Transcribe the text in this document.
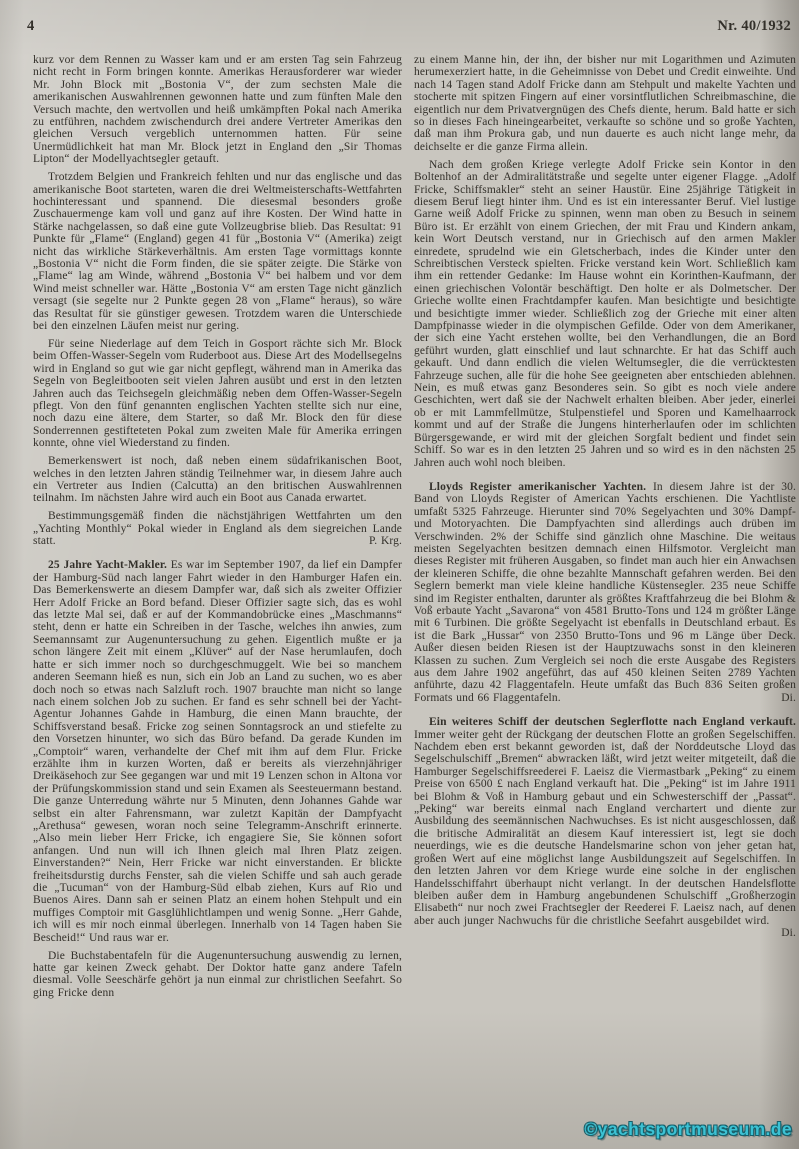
4	Nr. 40/1932

kurz vor dem Rennen zu Wasser kam und er am ersten Tag sein Fahrzeug nicht recht in Form bringen konnte. Amerikas Herausforderer war wieder Mr. John Block mit „Bostonia V“, der zum sechsten Male die amerikanischen Auswahlrennen gewonnen hatte und zum fünften Male den Versuch machte, den wertvollen und heiß umkämpften Pokal nach Amerika zu entführen, nachdem zwischendurch drei andere Vertreter Amerikas den gleichen Versuch vergeblich unternommen hatten. Für seine Unermüdlichkeit hat man Mr. Block jetzt in England den „Sir Thomas Lipton“ der Modellyachtsegler getauft.

Trotzdem Belgien und Frankreich fehlten und nur das englische und das amerikanische Boot starteten, waren die drei Weltmeisterschafts-Wettfahrten hochinteressant und spannend. Die diesesmal besonders große Zuschauermenge kam voll und ganz auf ihre Kosten. Der Wind hatte in Stärke nachgelassen, so daß eine gute Vollzeugbrise blieb. Das Resultat: 91 Punkte für „Flame“ (England) gegen 41 für „Bostonia V“ (Amerika) zeigt nicht das wirkliche Stärkeverhältnis. Am ersten Tage vormittags konnte „Bostonia V“ nicht die Form finden, die sie später zeigte. Die Stärke von „Flame“ lag am Winde, während „Bostonia V“ bei halbem und vor dem Wind meist schneller war. Hätte „Bostonia V“ am ersten Tage nicht gänzlich versagt (sie segelte nur 2 Punkte gegen 28 von „Flame“ heraus), so wäre das Resultat für sie günstiger gewesen. Trotzdem waren die Unterschiede bei den einzelnen Läufen meist nur gering.

Für seine Niederlage auf dem Teich in Gosport rächte sich Mr. Block beim Offen-Wasser-Segeln vom Ruderboot aus. Diese Art des Modellsegelns wird in England so gut wie gar nicht gepflegt, während man in Amerika das Segeln von Begleitbooten seit vielen Jahren ausübt und erst in den letzten Jahren auch das Teichsegeln gleichmäßig neben dem Offen-Wasser-Segeln pflegt. Von den fünf genannten englischen Yachten stellte sich nur eine, noch dazu eine ältere, dem Starter, so daß Mr. Block den für diese Sonderrennen gestifteteten Pokal zum zweiten Male für Amerika erringen konnte, ohne viel Wiederstand zu finden.

Bemerkenswert ist noch, daß neben einem südafrikanischen Boot, welches in den letzten Jahren ständig Teilnehmer war, in diesem Jahre auch ein Vertreter aus Indien (Calcutta) an den britischen Auswahlrennen teilnahm. Im nächsten Jahre wird auch ein Boot aus Canada erwartet.

Bestimmungsgemäß finden die nächstjährigen Wettfahrten um den „Yachting Monthly“ Pokal wieder in England als dem siegreichen Lande statt.	P. Krg.

25 Jahre Yacht-Makler. Es war im September 1907, da lief ein Dampfer der Hamburg-Süd nach langer Fahrt wieder in den Hamburger Hafen ein. Das Bemerkenswerte an diesem Dampfer war, daß sich als zweiter Offizier Herr Adolf Fricke an Bord befand. Dieser Offizier sagte sich, das es wohl das letzte Mal sei, daß er auf der Kommandobrücke eines „Maschmanns“ steht, denn er hatte ein Schreiben in der Tasche, welches ihn anwies, zum Seemannsamt zur Augenuntersuchung zu gehen. Eigentlich mußte er ja schon längere Zeit mit einem „Klüver“ auf der Nase herumlaufen, doch hatte er sich immer noch so durchgeschmuggelt. Wie bei so manchem anderen Seemann hieß es nun, sich ein Job an Land zu suchen, wo es aber doch noch so etwas nach Salzluft roch. 1907 brauchte man nicht so lange nach einem solchen Job zu suchen. Er fand es sehr schnell bei der Yacht-Agentur Johannes Gahde in Hamburg, die einen Mann brauchte, der Schiffsverstand besaß. Fricke zog seinen Sonntagsrock an und stiefelte zu den Vorsetzen hinunter, wo sich das Büro befand. Da gerade Kunden im „Comptoir“ waren, verhandelte der Chef mit ihm auf dem Flur. Fricke erzählte ihm in kurzen Worten, daß er bereits als vierzehnjähriger Dreikäsehoch zur See gegangen war und mit 19 Lenzen schon in Altona vor der Prüfungskommission stand und sein Examen als Seesteuermann bestand. Die ganze Unterredung währte nur 5 Minuten, denn Johannes Gahde war selbst ein alter Fahrensmann, war zuletzt Kapitän der Dampfyacht „Arethusa“ gewesen, woran noch seine Telegramm-Anschrift erinnerte. „Also mein lieber Herr Fricke, ich engagiere Sie, Sie können sofort anfangen. Und nun will ich Ihnen gleich mal Ihren Platz zeigen. Einverstanden?“ Nein, Herr Fricke war nicht einverstanden. Er blickte freiheitsdurstig durchs Fenster, sah die vielen Schiffe und sah auch gerade die „Tucuman“ von der Hamburg-Süd elbab ziehen, Kurs auf Rio und Buenos Aires. Dann sah er seinen Platz an einem hohen Stehpult und ein muffiges Comptoir mit Gasglühlichtlampen und wenig Sonne. „Herr Gahde, ich will es mir noch einmal überlegen. Innerhalb von 14 Tagen haben Sie Bescheid!“ Und raus war er.

Die Buchstabentafeln für die Augenuntersuchung auswendig zu lernen, hatte gar keinen Zweck gehabt. Der Doktor hatte ganz andere Tafeln diesmal. Volle Seeschärfe gehört ja nun einmal zur christlichen Seefahrt. So ging Fricke denn

zu einem Manne hin, der ihn, der bisher nur mit Logarithmen und Azimuten herumexerziert hatte, in die Geheimnisse von Debet und Credit einweihte. Und nach 14 Tagen stand Adolf Fricke dann am Stehpult und makelte Yachten und stocherte mit spitzen Fingern auf einer vorsintflutlichen Schreibmaschine, die eigentlich nur dem Privatvergnügen des Chefs diente, herum. Bald hatte er sich so in dieses Fach hineingearbeitet, verkaufte so schöne und so große Yachten, daß man ihm Prokura gab, und nun dauerte es auch nicht lange mehr, da deichselte er die ganze Firma allein.

Nach dem großen Kriege verlegte Adolf Fricke sein Kontor in den Boltenhof an der Admiralitätstraße und segelte unter eigener Flagge. „Adolf Fricke, Schiffsmakler“ steht an seiner Haustür. Eine 25jährige Tätigkeit in diesem Beruf liegt hinter ihm. Und es ist ein interessanter Beruf. Viel lustige Garne weiß Adolf Fricke zu spinnen, wenn man oben zu Besuch in seinem Büro ist. Er erzählt von einem Griechen, der mit Frau und Kindern ankam, kein Wort Deutsch verstand, nur in Griechisch auf den armen Makler einredete, sprudelnd wie ein Gletscherbach, indes die Kinder unter den Schreibtischen Versteck spielten. Fricke verstand kein Wort. Schließlich kam ihm ein rettender Gedanke: Im Hause wohnt ein Korinthen-Kaufmann, der einen griechischen Volontär beschäftigt. Den holte er als Dolmetscher. Der Grieche wollte einen Frachtdampfer kaufen. Man besichtigte und besichtigte und besichtigte immer wieder. Schließlich zog der Grieche mit einer alten Dampfpinasse wieder in die olympischen Gefilde. Oder von dem Amerikaner, der sich eine Yacht erstehen wollte, bei den Verhandlungen, die an Bord geführt wurden, glatt einschlief und laut schnarchte. Er hat das Schiff auch gekauft. Und dann endlich die vielen Weltumsegler, die die verrücktesten Fahrzeuge suchen, alle für die hohe See geeigneten aber entschieden ablehnen. Nein, es muß etwas ganz Besonderes sein. So gibt es noch viele andere Geschichten, wert daß sie der Nachwelt erhalten bleiben. Aber jeder, einerlei ob er mit Lammfellmütze, Stulpenstiefel und Sporen und Kamelhaarrock kommt und auf der Straße die Jungens hinterherlaufen oder im schlichten Bürgersgewande, er wird mit der gleichen Sorgfalt bedient und findet sein Schiff. So war es in den letzten 25 Jahren und so wird es in den nächsten 25 Jahren auch wohl noch bleiben.

Lloyds Register amerikanischer Yachten. In diesem Jahre ist der 30. Band von Lloyds Register of American Yachts erschienen. Die Yachtliste umfaßt 5325 Fahrzeuge. Hierunter sind 70% Segelyachten und 30% Dampf- und Motoryachten. Die Dampfyachten sind allerdings auch drüben im Verschwinden. 2% der Schiffe sind gänzlich ohne Maschine. Die weitaus meisten Segelyachten besitzen demnach einen Hilfsmotor. Vergleicht man dieses Register mit früheren Ausgaben, so findet man auch hier ein Anwachsen der kleineren Schiffe, die ohne bezahlte Mannschaft gefahren werden. Bei den Seglern bemerkt man viele kleine handliche Küstensegler. 235 neue Schiffe sind im Register enthalten, darunter als größtes Kraftfahrzeug die bei Blohm & Voß erbaute Yacht „Savarona“ von 4581 Brutto-Tons und 124 m größter Länge mit 6 Turbinen. Die größte Segelyacht ist ebenfalls in Deutschland erbaut. Es ist die Bark „Hussar“ von 2350 Brutto-Tons und 96 m Länge über Deck. Außer diesen beiden Riesen ist der Hauptzuwachs sonst in den kleineren Klassen zu suchen. Zum Vergleich sei noch die erste Ausgabe des Registers aus dem Jahre 1902 angeführt, das auf 450 kleinen Seiten 2789 Yachten anführte, dazu 42 Flaggentafeln. Heute umfaßt das Buch 836 Seiten großen Formats und 66 Flaggentafeln.	Di.

Ein weiteres Schiff der deutschen Seglerflotte nach England verkauft. Immer weiter geht der Rückgang der deutschen Flotte an großen Segelschiffen. Nachdem eben erst bekannt geworden ist, daß der Norddeutsche Lloyd das Segelschulschiff „Bremen“ abwracken läßt, wird jetzt weiter mitgeteilt, daß die Hamburger Segelschiffsreederei F. Laeisz die Viermastbark „Peking“ zu einem Preise von 6500 £ nach England verkauft hat. Die „Peking“ ist im Jahre 1911 bei Blohm & Voß in Hamburg gebaut und ein Schwesterschiff der „Passat“. „Peking“ war bereits einmal nach England verchartert und diente zur Ausbildung des seemännischen Nachwuchses. Es ist nicht ausgeschlossen, daß die britische Admiralität an diesem Kauf interessiert ist, legt sie doch neuerdings, wie es die deutsche Handelsmarine schon von jeher getan hat, großen Wert auf eine möglichst lange Ausbildungszeit auf Segelschiffen. In den letzten Jahren vor dem Kriege wurde eine solche in der englischen Handelsschiffahrt überhaupt nicht verlangt. In der deutschen Handelsflotte bleiben außer dem in Hamburg angebundenen Schulschiff „Großherzogin Elisabeth“ nur noch zwei Frachtsegler der Reederei F. Laeisz nach, auf denen aber auch junger Nachwuchs für die christliche Seefahrt ausgebildet wird.
Di.

©yachtsportmuseum.de
